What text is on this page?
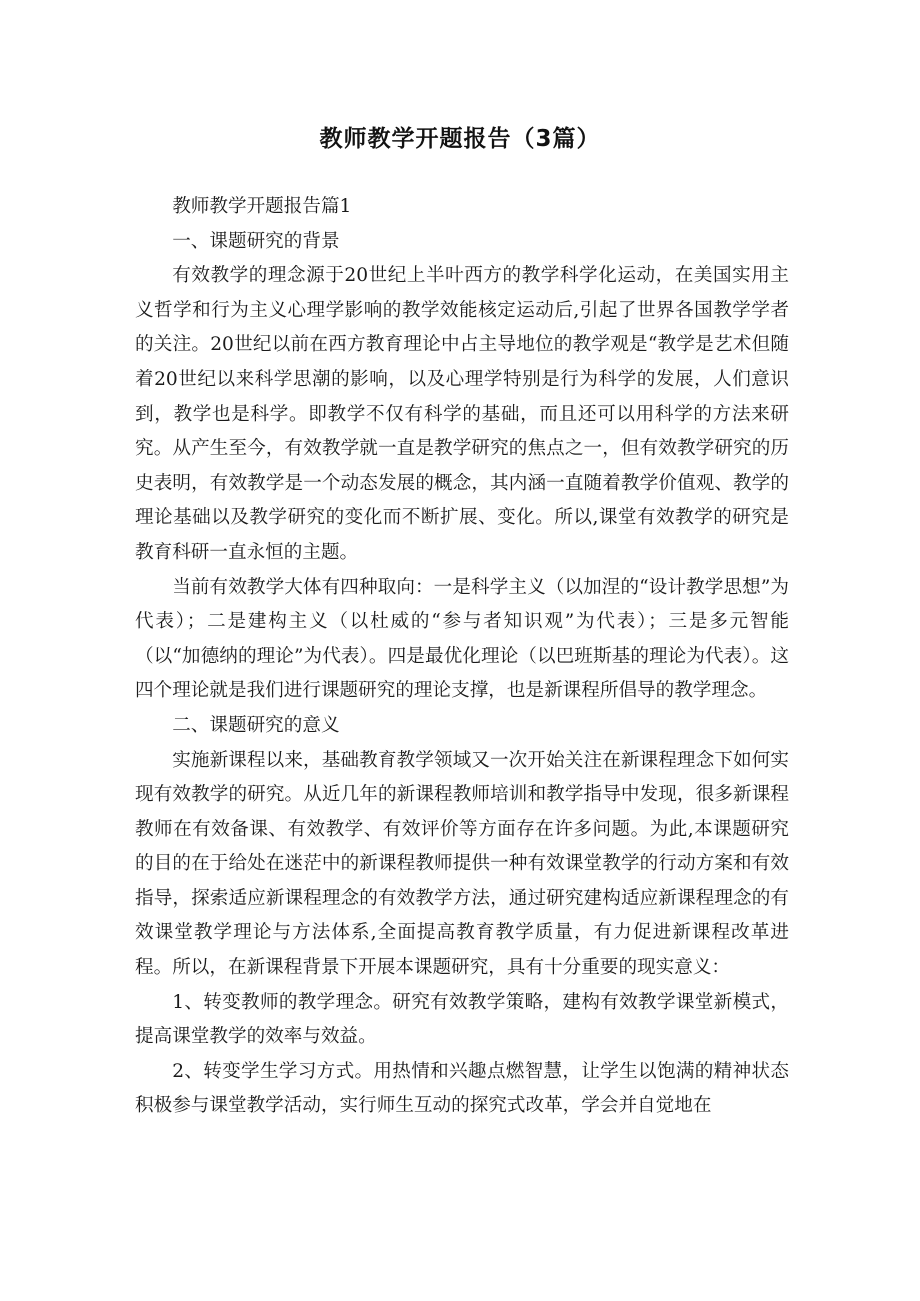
教师教学开题报告（3篇）

教师教学开题报告篇1

一、课题研究的背景

有效教学的理念源于20世纪上半叶西方的教学科学化运动，在美国实用主义哲学和行为主义心理学影响的教学效能核定运动后,引起了世界各国教学学者的关注。20世纪以前在西方教育理论中占主导地位的教学观是“教学是艺术但随着20世纪以来科学思潮的影响，以及心理学特别是行为科学的发展，人们意识到，教学也是科学。即教学不仅有科学的基础，而且还可以用科学的方法来研究。从产生至今，有效教学就一直是教学研究的焦点之一，但有效教学研究的历史表明，有效教学是一个动态发展的概念，其内涵一直随着教学价值观、教学的理论基础以及教学研究的变化而不断扩展、变化。所以,课堂有效教学的研究是教育科研一直永恒的主题。

当前有效教学大体有四种取向：一是科学主义（以加涅的“设计教学思想”为代表）；二是建构主义（以杜威的“参与者知识观”为代表）；三是多元智能（以“加德纳的理论”为代表）。四是最优化理论（以巴班斯基的理论为代表）。这四个理论就是我们进行课题研究的理论支撑，也是新课程所倡导的教学理念。

二、课题研究的意义

实施新课程以来，基础教育教学领域又一次开始关注在新课程理念下如何实现有效教学的研究。从近几年的新课程教师培训和教学指导中发现，很多新课程教师在有效备课、有效教学、有效评价等方面存在许多问题。为此,本课题研究的目的在于给处在迷茫中的新课程教师提供一种有效课堂教学的行动方案和有效指导，探索适应新课程理念的有效教学方法，通过研究建构适应新课程理念的有效课堂教学理论与方法体系,全面提高教育教学质量，有力促进新课程改革进程。所以，在新课程背景下开展本课题研究，具有十分重要的现实意义：

1、转变教师的教学理念。研究有效教学策略，建构有效教学课堂新模式，提高课堂教学的效率与效益。

2、转变学生学习方式。用热情和兴趣点燃智慧，让学生以饱满的精神状态积极参与课堂教学活动，实行师生互动的探究式改革，学会并自觉地在
